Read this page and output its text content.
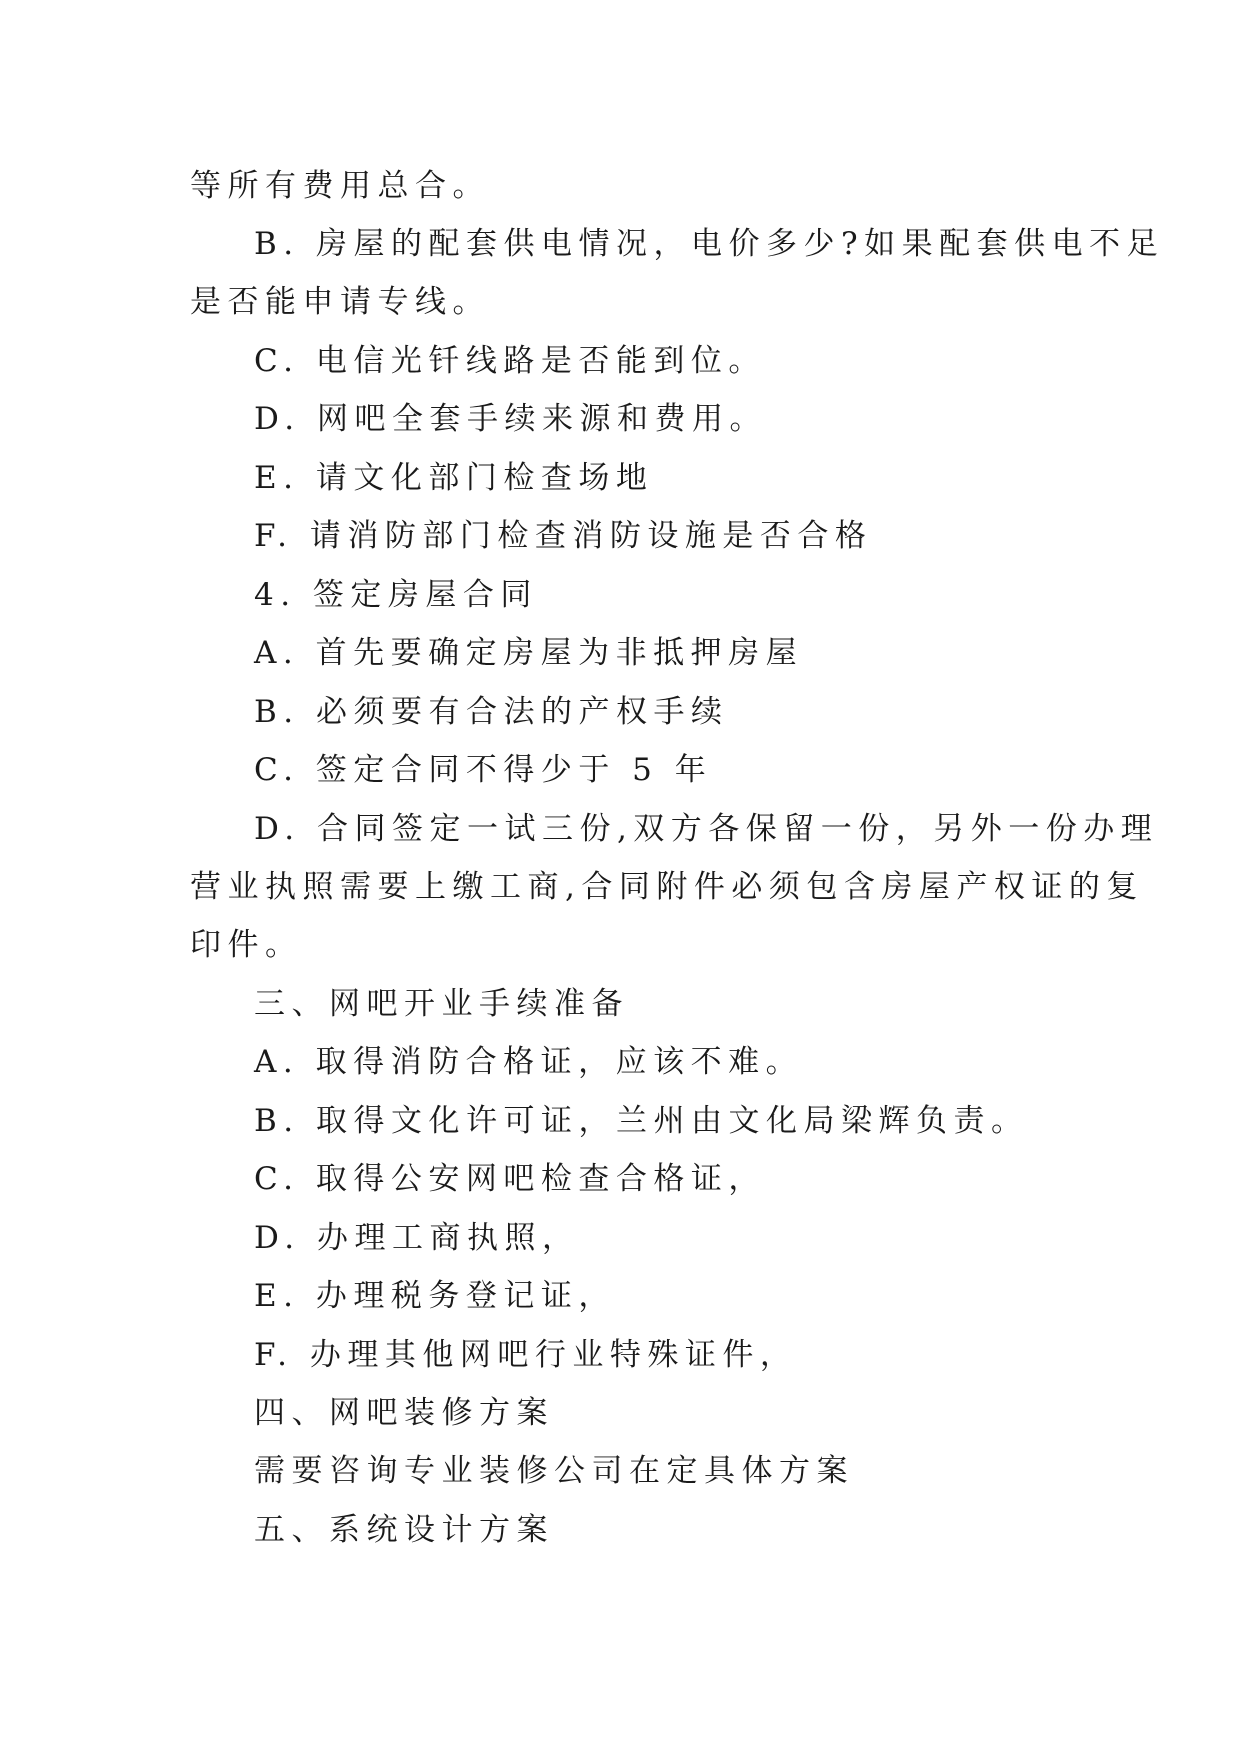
等所有费用总合。
B. 房屋的配套供电情况，电价多少?如果配套供电不足
是否能申请专线。
C. 电信光钎线路是否能到位。
D. 网吧全套手续来源和费用。
E. 请文化部门检查场地
F. 请消防部门检查消防设施是否合格
4. 签定房屋合同
A. 首先要确定房屋为非抵押房屋
B. 必须要有合法的产权手续
C. 签定合同不得少于 5 年
D. 合同签定一试三份,双方各保留一份，另外一份办理
营业执照需要上缴工商,合同附件必须包含房屋产权证的复
印件。
三、网吧开业手续准备
A. 取得消防合格证，应该不难。
B. 取得文化许可证，兰州由文化局梁辉负责。
C. 取得公安网吧检查合格证，
D. 办理工商执照，
E. 办理税务登记证，
F. 办理其他网吧行业特殊证件，
四、网吧装修方案
需要咨询专业装修公司在定具体方案
五、系统设计方案
